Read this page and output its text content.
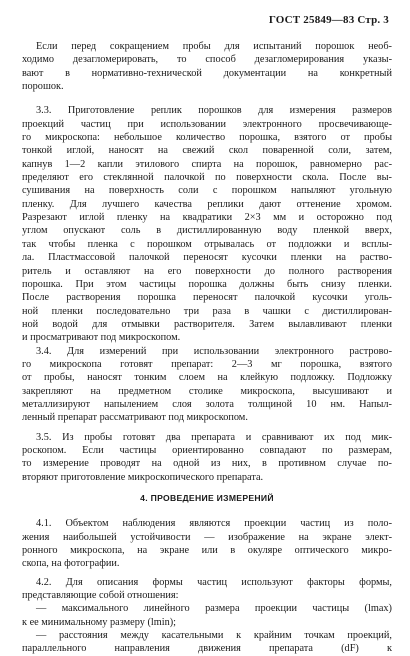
ГОСТ 25849—83 Стр. 3
Если перед сокращением пробы для испытаний порошок необ-
ходимо дезагломерировать, то способ дезагломерирования указы-
вают в нормативно-технической документации на конкретный
порошок.
3.3. Приготовление реплик порошков для измерения размеров
проекций частиц при использовании электронного просвечивающе-
го микроскопа: небольшое количество порошка, взятого от пробы
тонкой иглой, наносят на свежий скол поваренной соли, затем,
капнув 1—2 капли этилового спирта на порошок, равномерно рас-
пределяют его стеклянной палочкой по поверхности скола. После вы-
сушивания на поверхность соли с порошком напыляют угольную
пленку. Для лучшего качества реплики дают оттенение хромом.
Разрезают иглой пленку на квадратики 2×3 мм и осторожно под
углом опускают соль в дистиллированную воду пленкой вверх,
так чтобы пленка с порошком отрывалась от подложки и всплы-
ла. Пластмассовой палочкой переносят кусочки пленки на раство-
ритель и оставляют на его поверхности до полного растворения
порошка. При этом частицы порошка должны быть снизу пленки.
После растворения порошка переносят палочкой кусочки уголь-
ной пленки последовательно три раза в чашки с дистиллирован-
ной водой для отмывки растворителя. Затем вылавливают пленки
и просматривают под микроскопом.
3.4. Для измерений при использовании электронного растрово-
го микроскопа готовят препарат: 2—3 мг порошка, взятого
от пробы, наносят тонким слоем на клейкую подложку. Подложку
закрепляют на предметном столике микроскопа, высушивают и
металлизируют напылением слоя золота толщиной 10 нм. Напыл-
ленный препарат рассматривают под микроскопом.
3.5. Из пробы готовят два препарата и сравнивают их под мик-
роскопом. Если частицы ориентированно совпадают по размерам,
то измерение проводят на одной из них, в противном случае по-
вторяют приготовление микроскопического препарата.
4. ПРОВЕДЕНИЕ ИЗМЕРЕНИЙ
4.1. Объектом наблюдения являются проекции частиц из поло-
жения наибольшей устойчивости — изображение на экране элект-
ронного микроскопа, на экране или в окуляре оптического микро-
скопа, на фотографии.
4.2. Для описания формы частиц используют факторы формы,
представляющие собой отношения:
— максимального линейного размера проекции частицы (lmax)
к ее минимальному размеру (lmin);
— расстояния между касательными к крайним точкам проекций,
параллельного направления движения препарата (dF) к
